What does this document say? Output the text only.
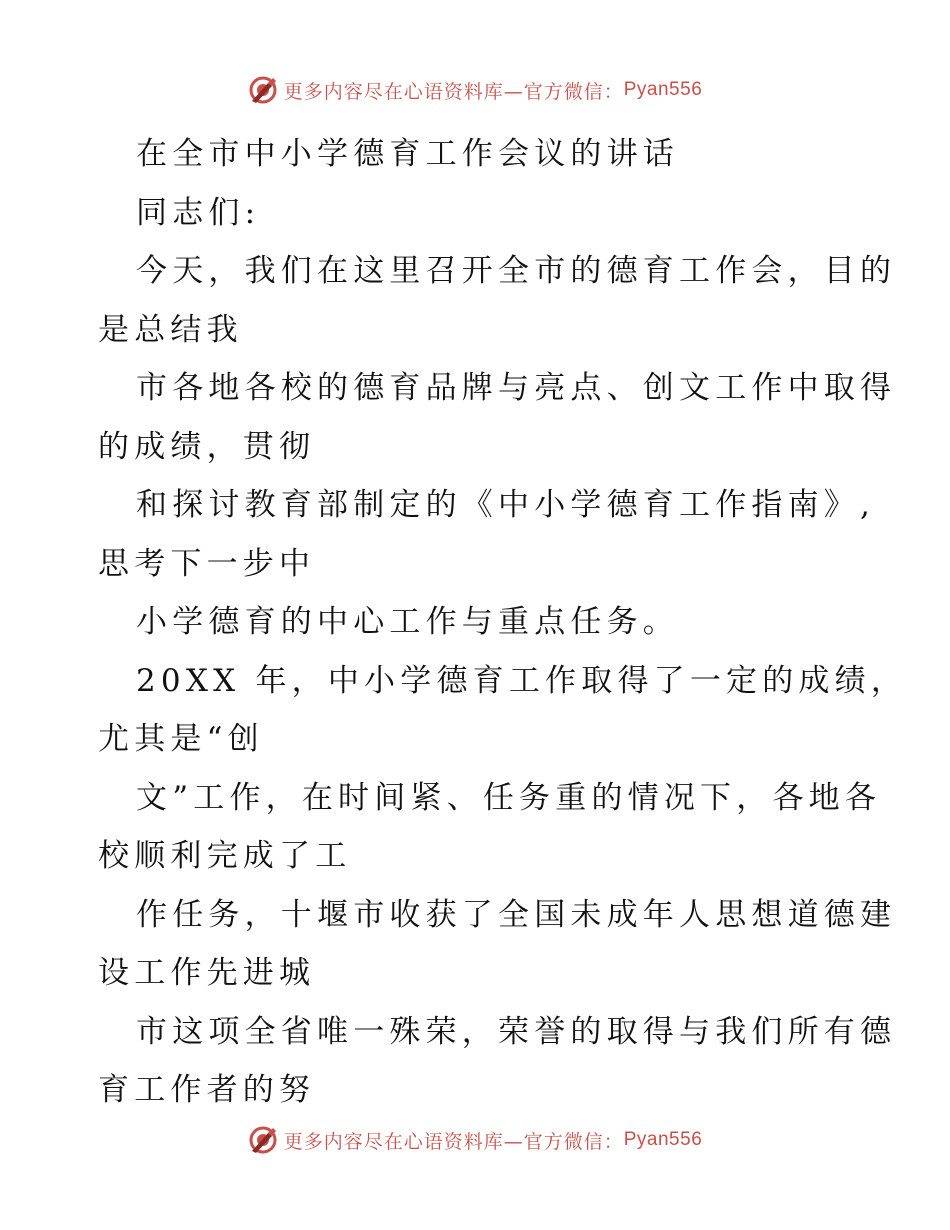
更多内容尽在心语资料库—官方微信： Pyan556
在全市中小学德育工作会议的讲话
同志们:
今天，我们在这里召开全市的德育工作会，目的
是总结我
市各地各校的德育品牌与亮点、创文工作中取得
的成绩，贯彻
和探讨教育部制定的《中小学德育工作指南》,
思考下一步中
小学德育的中心工作与重点任务。
20XX 年，中小学德育工作取得了一定的成绩，
尤其是“创
文”工作，在时间紧、任务重的情况下，各地各
校顺利完成了工
作任务，十堰市收获了全国未成年人思想道德建
设工作先进城
市这项全省唯一殊荣，荣誉的取得与我们所有德
育工作者的努
更多内容尽在心语资料库—官方微信： Pyan556
